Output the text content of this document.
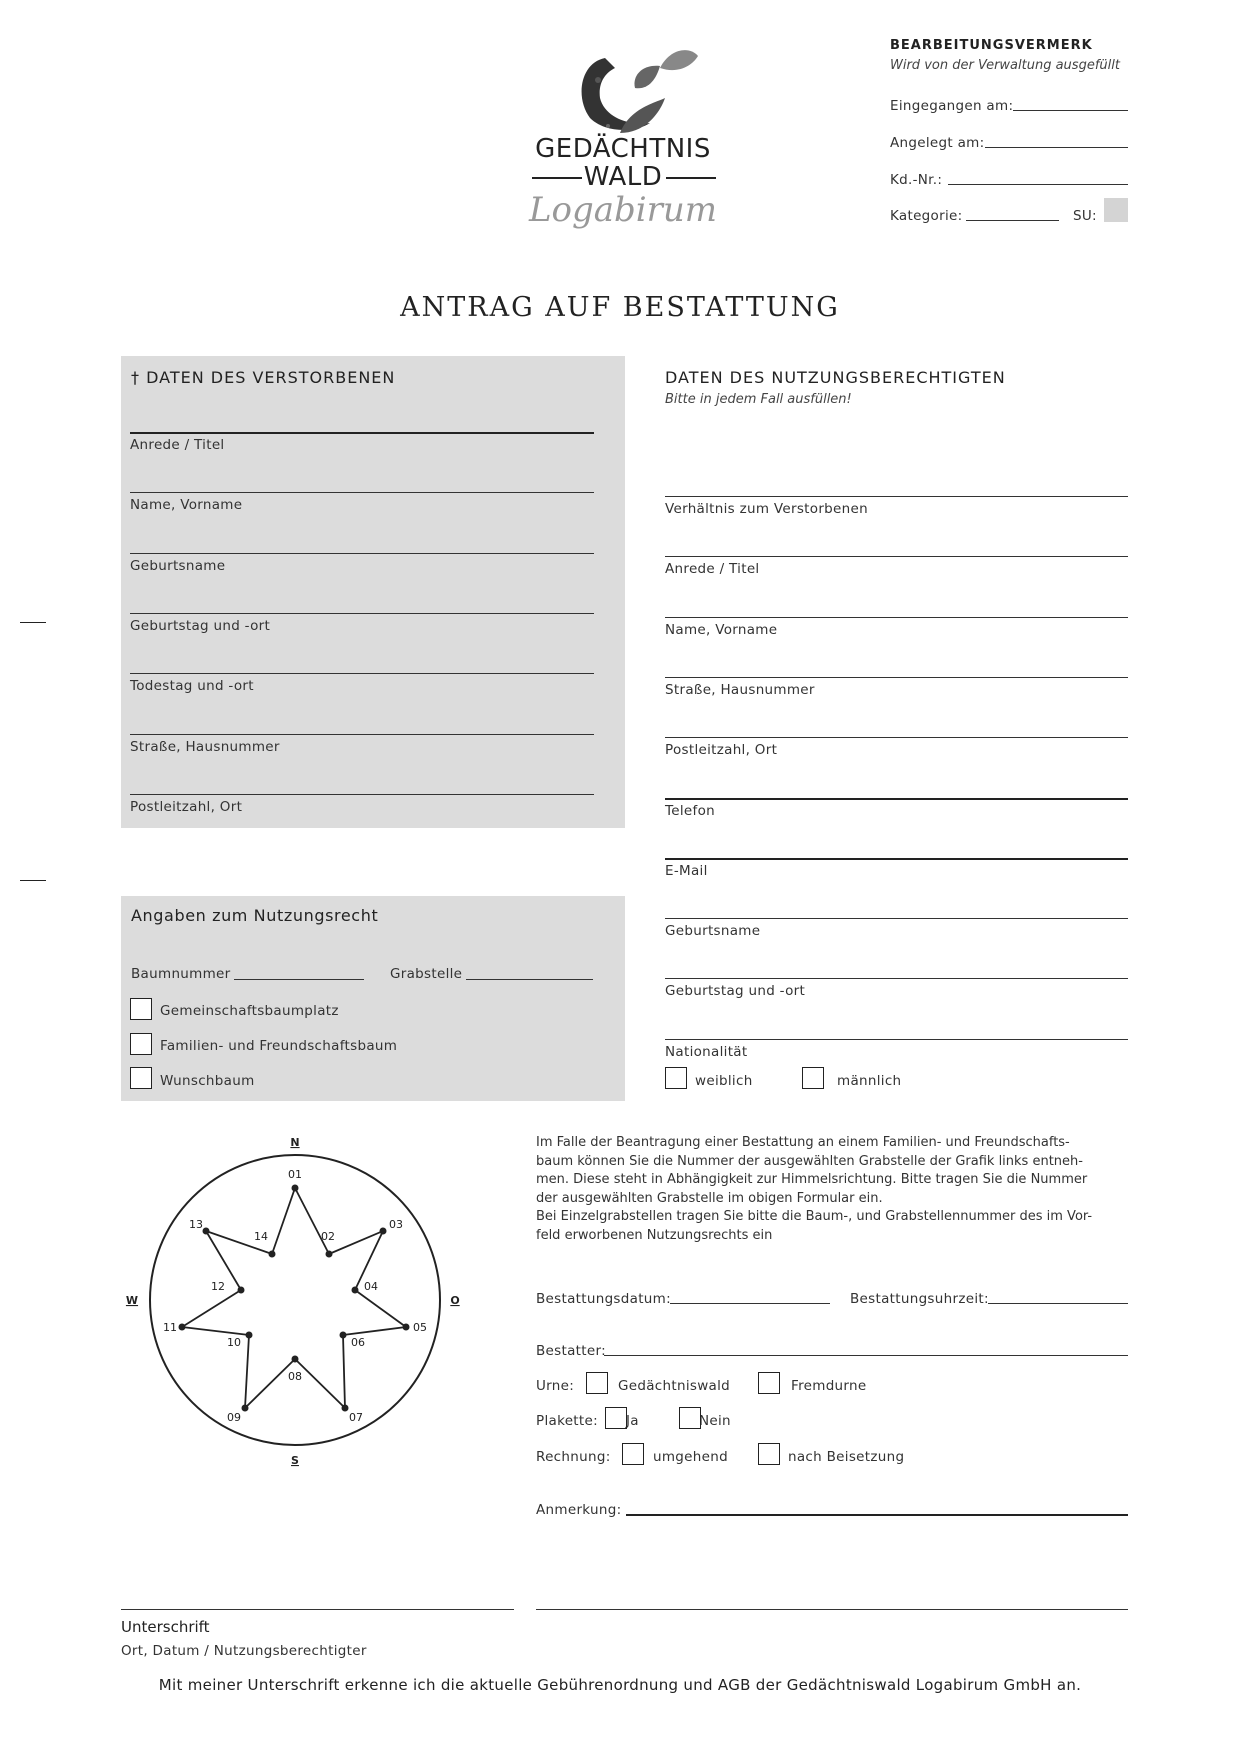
GEDÄCHTNIS
WALD
Logabirum
BEARBEITUNGSVERMERK
Wird von der Verwaltung ausgefüllt
Eingegangen am:
Angelegt am:
Kd.-Nr.:
Kategorie:	SU:
ANTRAG AUF BESTATTUNG
† DATEN DES VERSTORBENEN
Anrede / Titel
Name, Vorname
Geburtsname
Geburtstag und -ort
Todestag und -ort
Straße, Hausnummer
Postleitzahl, Ort
DATEN DES NUTZUNGSBERECHTIGTEN
Bitte in jedem Fall ausfüllen!
Verhältnis zum Verstorbenen
Anrede / Titel
Name, Vorname
Straße, Hausnummer
Postleitzahl, Ort
Telefon
E-Mail
Geburtsname
Geburtstag und -ort
Nationalität
weiblich	männlich
Angaben zum Nutzungsrecht
Baumnummer	Grabstelle
Gemeinschaftsbaumplatz
Familien- und Freundschaftsbaum
Wunschbaum
N
S
W	O
01
02
03
04
05
06
07
08
09
10
11
12
13
14
Im Falle der Beantragung einer Bestattung an einem Familien- und Freundschafts-
baum können Sie die Nummer der ausgewählten Grabstelle der Grafik links entneh-
men. Diese steht in Abhängigkeit zur Himmelsrichtung. Bitte tragen Sie die Nummer
der ausgewählten Grabstelle im obigen Formular ein.
Bei Einzelgrabstellen tragen Sie bitte die Baum-, und Grabstellennummer des im Vor-
feld erworbenen Nutzungsrechts ein
Bestattungsdatum:	Bestattungsuhrzeit:
Bestatter:
Urne:	Gedächtniswald	Fremdurne
Plakette: Ja	Nein
Rechnung:	umgehend	nach Beisetzung
Anmerkung:
Unterschrift
Ort, Datum / Nutzungsberechtigter
Mit meiner Unterschrift erkenne ich die aktuelle Gebührenordnung und AGB der Gedächtniswald Logabirum GmbH an.
